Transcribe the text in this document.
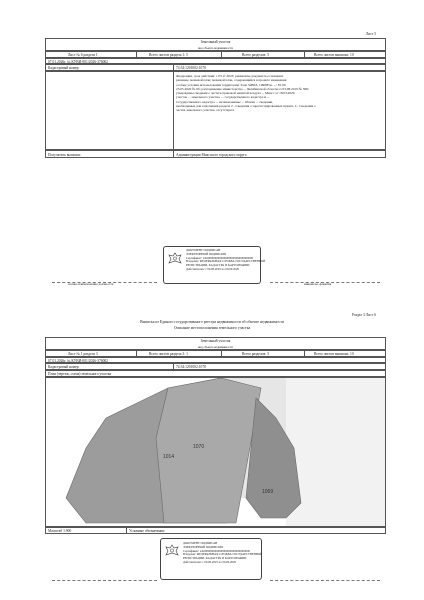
Лист 5
Земельный участок
вид объекта недвижимости
Лист № 6 раздела 1	Всего листов раздела 1: 5	Всего разделов: 3	Всего листов выписки: 10
07.01.2026г. № КУВИ-001/2026-376002
Кадастровый номер:	74:34:1201002:1070
Федерации, срок действия: с 03.11.2023; реквизиты документа-основания:
решение, межевой план; межевой план, содержащийся в проекте межевания
особые условия использования территории: Зона ЗаВКЗ, 19Ф8Еэв. ...: 81.00
25.05.2020 № 6б; распоряжение министерства ... Челябинской области от 03.08.2019 № 598;
утверждены сведения о части и правовой защитой воздуха ... Миасс от 18.03.2020.
участок ... земельного участка, ... государственного кадастра и ...
государственного кадастра ... незаконченные ... вблизи ... сведения,
необходимые для заполнения раздела 2 - Сведения о зарегистрированных правах, 4 - Сведения о
частях земельного участка, отсутствуют.
Получатель выписки:	Администрация Миасского городского округа
ДОКУМЕНТ ПОДПИСАН
ЭЛЕКТРОННОЙ ПОДПИСЬЮ
Сертификат: 2A0000000000000000000000000000000
Владелец: ФЕДЕРАЛЬНАЯ СЛУЖБА ГОСУДАРСТВЕННОЙ
РЕГИСТРАЦИИ, КАДАСТРА И КАРТОГРАФИИ
Действителен: с 00.00.2025 по 00.00.2026
полное наименование должности	инициалы, фамилия
Раздел 3 Лист 6
Выписка из Единого государственного реестра недвижимости об объекте недвижимости
Описание местоположения земельного участка
Земельный участок
вид объекта недвижимости
Лист № 1 раздела 3	Всего листов раздела 3: 1	Всего разделов: 3	Всего листов выписки: 10
07.01.2026г. № КУВИ-001/2026-376002
Кадастровый номер:	74:34:1201002:1070
План (чертеж, схема) земельного участка
1014
1070
1069
Масштаб 1:900	Условные обозначения:
ДОКУМЕНТ ПОДПИСАН
ЭЛЕКТРОННОЙ ПОДПИСЬЮ
Сертификат: 2A0000000000000000000000000000000
Владелец: ФЕДЕРАЛЬНАЯ СЛУЖБА ГОСУДАРСТВЕННОЙ
РЕГИСТРАЦИИ, КАДАСТРА И КАРТОГРАФИИ
Действителен: с 00.00.2025 по 00.00.2026
